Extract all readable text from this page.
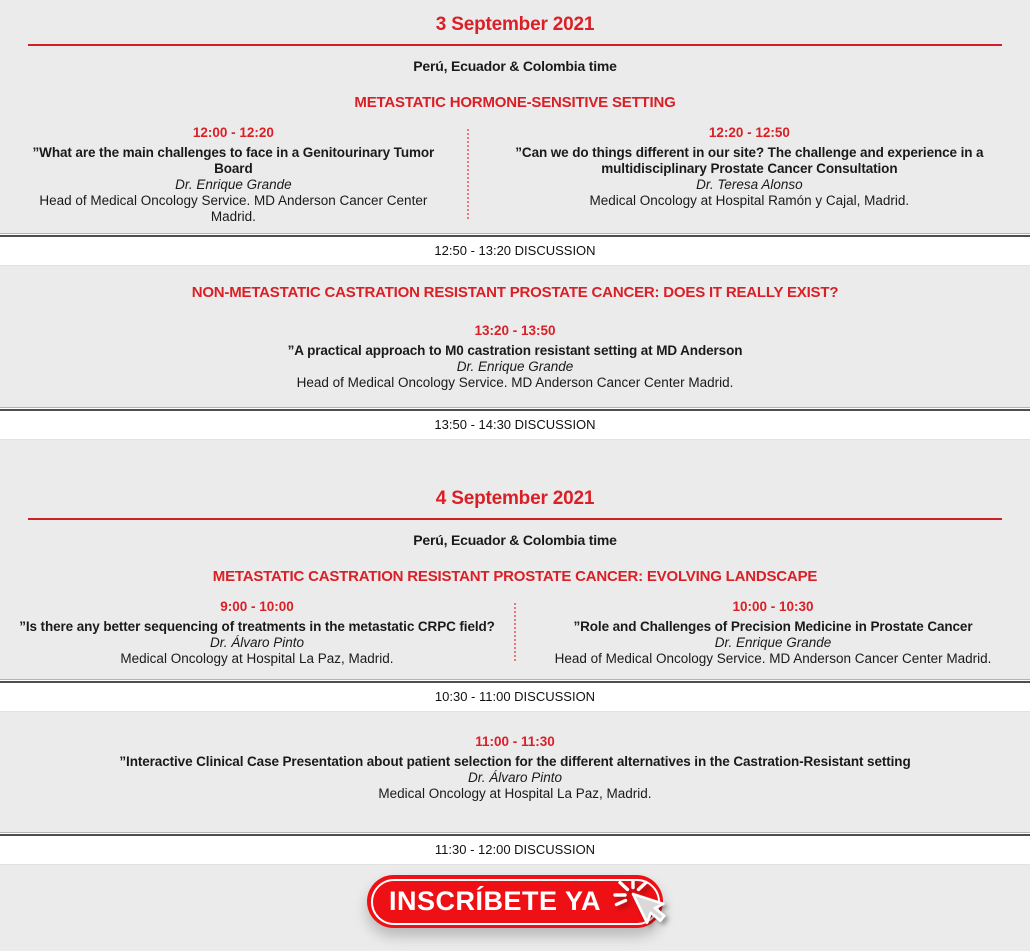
3 September 2021
Perú, Ecuador & Colombia time
METASTATIC HORMONE-SENSITIVE SETTING
12:00 - 12:20
”What are the main challenges to face in a Genitourinary Tumor Board
Dr. Enrique Grande
Head of Medical Oncology Service. MD Anderson Cancer Center Madrid.
12:20 - 12:50
”Can we do things different in our site? The challenge and experience in a multidisciplinary Prostate Cancer Consultation
Dr. Teresa Alonso
Medical Oncology at Hospital Ramón y Cajal, Madrid.
12:50 - 13:20 DISCUSSION
NON-METASTATIC CASTRATION RESISTANT PROSTATE CANCER: DOES IT REALLY EXIST?
13:20 - 13:50
”A practical approach to M0 castration resistant setting at MD Anderson
Dr. Enrique Grande
Head of Medical Oncology Service. MD Anderson Cancer Center Madrid.
13:50 - 14:30 DISCUSSION
4 September 2021
Perú, Ecuador & Colombia time
METASTATIC CASTRATION RESISTANT PROSTATE CANCER: EVOLVING LANDSCAPE
9:00 - 10:00
”Is there any better sequencing of treatments in the metastatic CRPC field?
Dr. Álvaro Pinto
Medical Oncology at Hospital La Paz, Madrid.
10:00 - 10:30
”Role and Challenges of Precision Medicine in Prostate Cancer
Dr. Enrique Grande
Head of Medical Oncology Service. MD Anderson Cancer Center Madrid.
10:30 - 11:00 DISCUSSION
11:00 - 11:30
”Interactive Clinical Case Presentation about patient selection for the different alternatives in the Castration-Resistant setting
Dr. Álvaro Pinto
Medical Oncology at Hospital La Paz, Madrid.
11:30 - 12:00 DISCUSSION
INSCRÍBETE YA
